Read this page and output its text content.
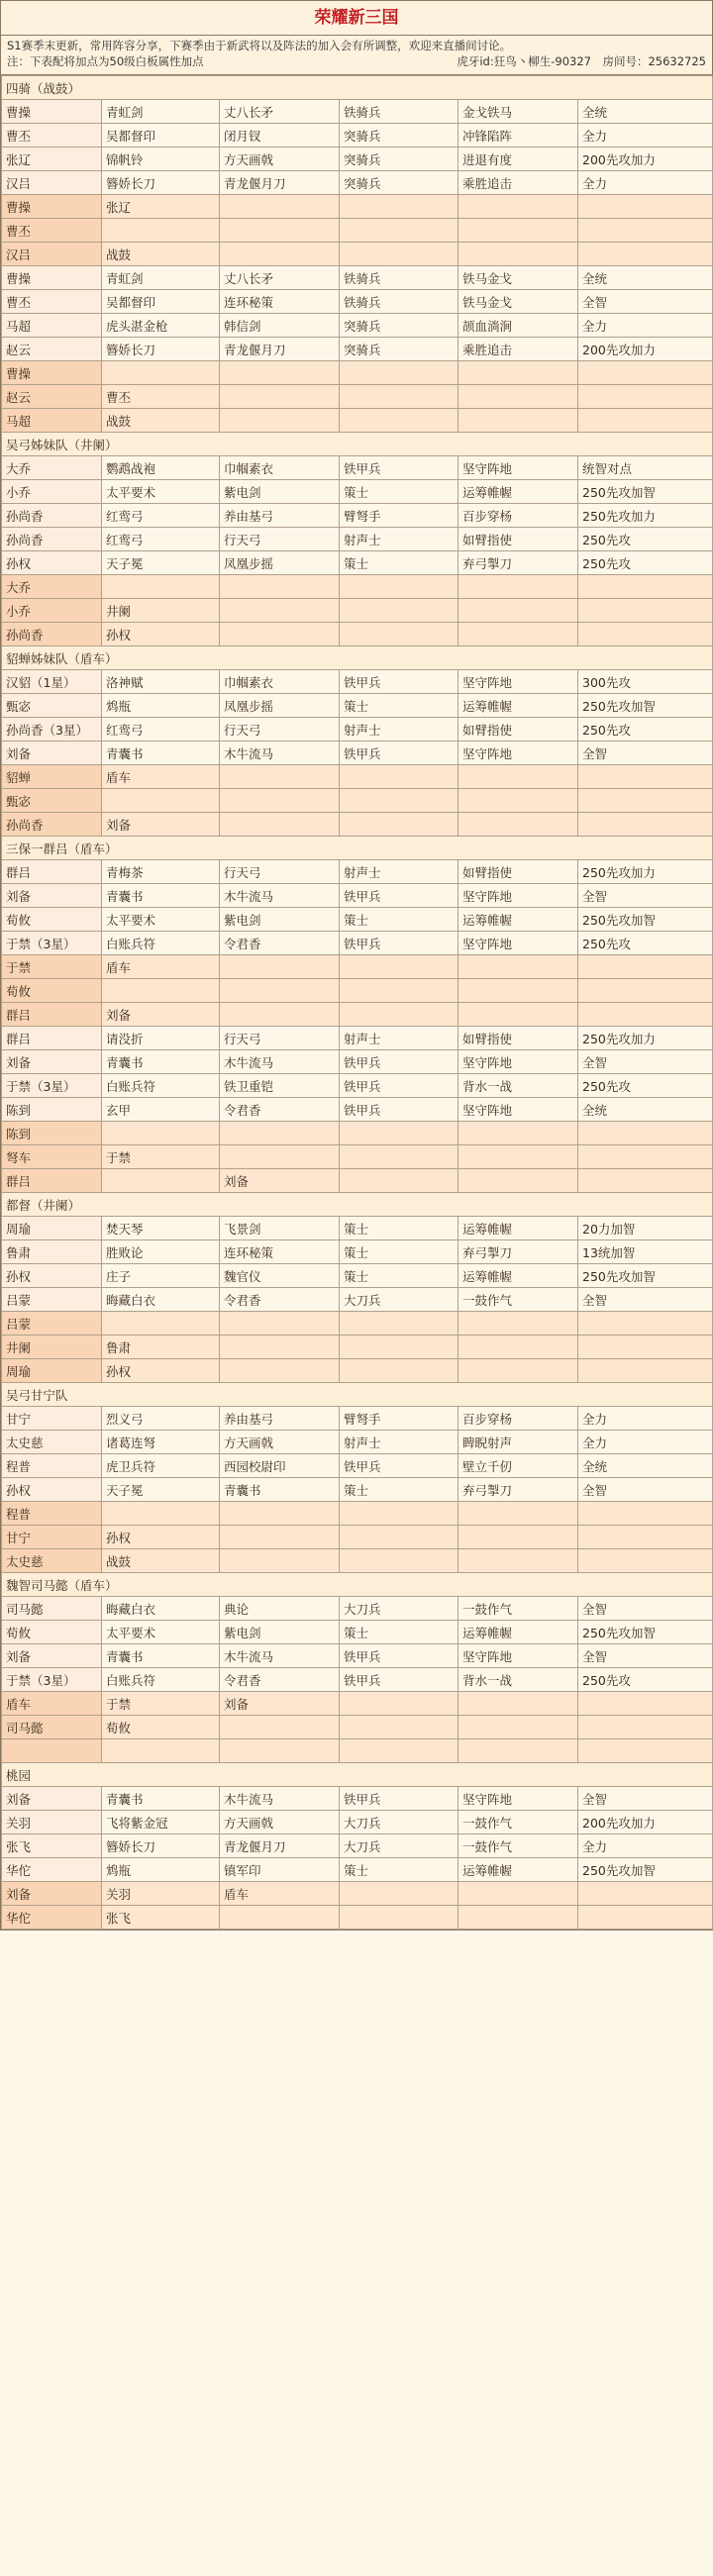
荣耀新三国
S1赛季末更新，常用阵容分享，下赛季由于新武将以及阵法的加入会有所调整，欢迎来直播间讨论。
注：下表配将加点为50级白板属性加点	虎牙id:狂鸟丶柳生-90327　房间号：25632725
四骑（战鼓）					
曹操	青虹剑	丈八长矛	铁骑兵	金戈铁马	全统
曹丕	吴都督印	闭月钗	突骑兵	冲锋陷阵	全力
张辽	锦帆铃	方天画戟	突骑兵	进退有度	200先攻加力
汉吕	簪娇长刀	青龙偃月刀	突骑兵	乘胜追击	全力
曹操	张辽				
曹丕					
汉吕	战鼓				
曹操	青虹剑	丈八长矛	铁骑兵	铁马金戈	全统
曹丕	吴都督印	连环秘策	铁骑兵	铁马金戈	全智
马超	虎头湛金枪	韩信剑	突骑兵	颉血淌涧	全力
赵云	簪娇长刀	青龙偃月刀	突骑兵	乘胜追击	200先攻加力
曹操					
赵云	曹丕				
马超	战鼓				
吴弓姊妹队（井阑）					
大乔	鹦鹉战袍	巾帼素衣	铁甲兵	坚守阵地	统智对点
小乔	太平要术	紫电剑	策士	运筹帷幄	250先攻加智
孙尚香	红鸾弓	养由基弓	臂弩手	百步穿杨	250先攻加力
孙尚香	红鸾弓	行天弓	射声士	如臂指使	250先攻
孙权	天子冕	凤凰步摇	策士	弃弓掣刀	250先攻
大乔					
小乔	井阑				
孙尚香	孙权				
貂蝉姊妹队（盾车）					
汉貂（1星）	洛神赋	巾帼素衣	铁甲兵	坚守阵地	300先攻
甄宓	鸩瓶	凤凰步摇	策士	运筹帷幄	250先攻加智
孙尚香（3星）	红鸾弓	行天弓	射声士	如臂指使	250先攻
刘备	青囊书	木牛流马	铁甲兵	坚守阵地	全智
貂蝉	盾车				
甄宓					
孙尚香	刘备				
三保一群吕（盾车）					
群吕	青梅茶	行天弓	射声士	如臂指使	250先攻加力
刘备	青囊书	木牛流马	铁甲兵	坚守阵地	全智
荀攸	太平要术	紫电剑	策士	运筹帷幄	250先攻加智
于禁（3星）	白账兵符	令君香	铁甲兵	坚守阵地	250先攻
于禁	盾车				
荀攸					
群吕	刘备				
群吕	请没折	行天弓	射声士	如臂指使	250先攻加力
刘备	青囊书	木牛流马	铁甲兵	坚守阵地	全智
于禁（3星）	白账兵符	铁卫重铠	铁甲兵	背水一战	250先攻
陈到	玄甲	令君香	铁甲兵	坚守阵地	全统
陈到					
弩车	于禁				
群吕		刘备			
都督（井阑）					
周瑜	焚天琴	飞景剑	策士	运筹帷幄	20力加智
鲁肃	胜败论	连环秘策	策士	弃弓掣刀	13统加智
孙权	庄子	魏官仪	策士	运筹帷幄	250先攻加智
吕蒙	晦藏白衣	令君香	大刀兵	一鼓作气	全智
吕蒙					
井阑	鲁肃				
周瑜	孙权				
吴弓甘宁队					
甘宁	烈义弓	养由基弓	臂弩手	百步穿杨	全力
太史慈	诸葛连弩	方天画戟	射声士	睥睨射声	全力
程普	虎卫兵符	西园校尉印	铁甲兵	壁立千仞	全统
孙权	天子冕	青囊书	策士	弃弓掣刀	全智
程普					
甘宁	孙权				
太史慈	战鼓				
魏智司马懿（盾车）					
司马懿	晦藏白衣	典论	大刀兵	一鼓作气	全智
荀攸	太平要术	紫电剑	策士	运筹帷幄	250先攻加智
刘备	青囊书	木牛流马	铁甲兵	坚守阵地	全智
于禁（3星）	白账兵符	令君香	铁甲兵	背水一战	250先攻
盾车	于禁	刘备			
司马懿	荀攸				

桃园					
刘备	青囊书	木牛流马	铁甲兵	坚守阵地	全智
关羽	飞将紫金冠	方天画戟	大刀兵	一鼓作气	200先攻加力
张飞	簪娇长刀	青龙偃月刀	大刀兵	一鼓作气	全力
华佗	鸩瓶	镇军印	策士	运筹帷幄	250先攻加智
刘备	关羽	盾车			
华佗	张飞				
